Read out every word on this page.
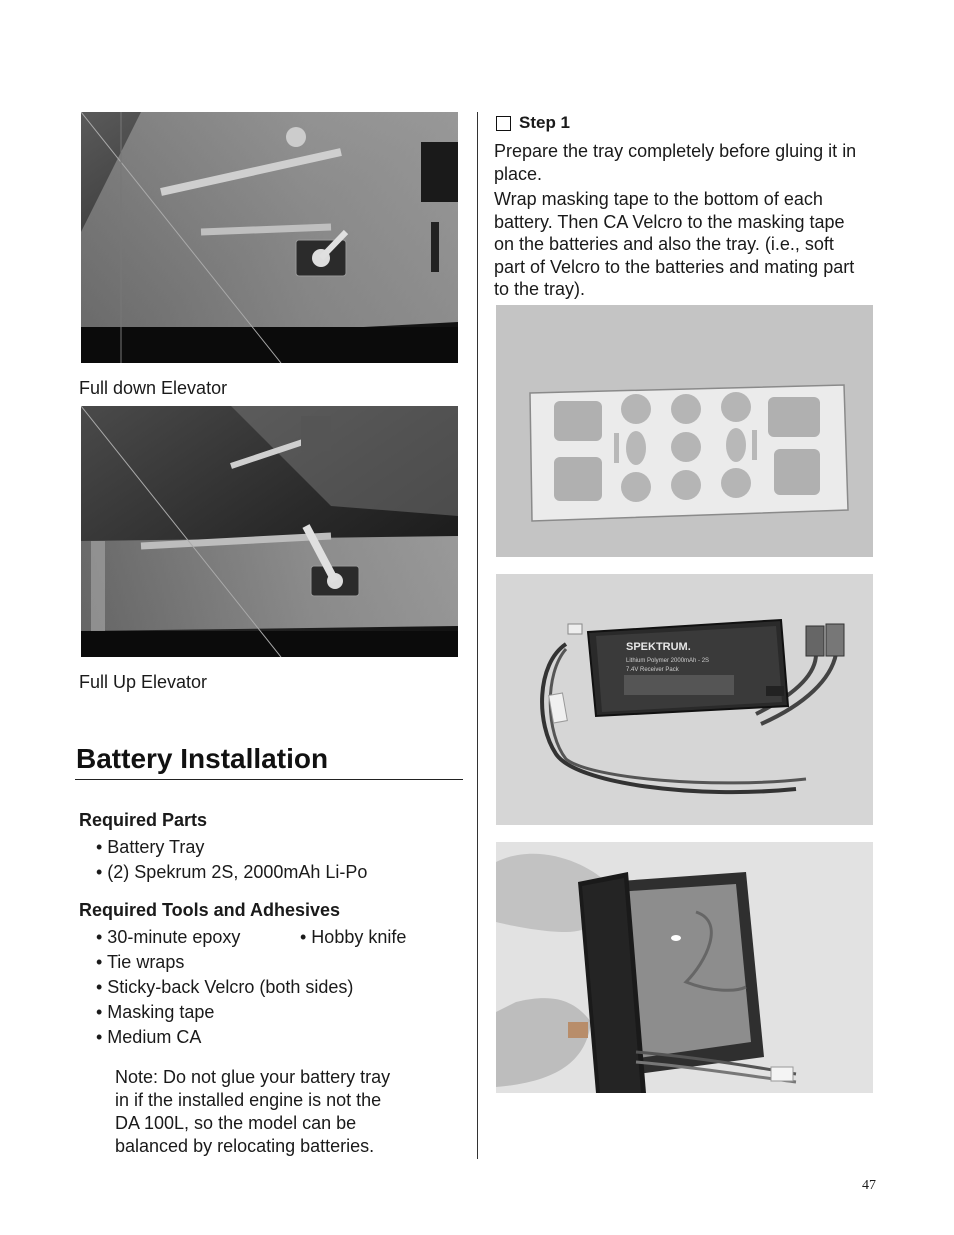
Full down Elevator
Full Up Elevator
Battery Installation
Required Parts
• Battery Tray
• (2) Spekrum 2S, 2000mAh Li-Po
Required Tools and Adhesives
• 30-minute epoxy	• Hobby knife
• Tie wraps
• Sticky-back Velcro (both sides)
• Masking tape
• Medium CA
Note: Do not glue your battery tray
in if the installed engine is not the
DA 100L, so the model can be
balanced by relocating batteries.
Step 1
Prepare the tray completely before gluing it in
place.
Wrap masking tape to the bottom of each
battery. Then CA Velcro to the masking tape
on the batteries and also the tray. (i.e., soft
part of Velcro to the batteries and mating part
to the tray).
SPEKTRUM.
Lithium Polymer 2000mAh - 2S
7.4V Receiver Pack
47
